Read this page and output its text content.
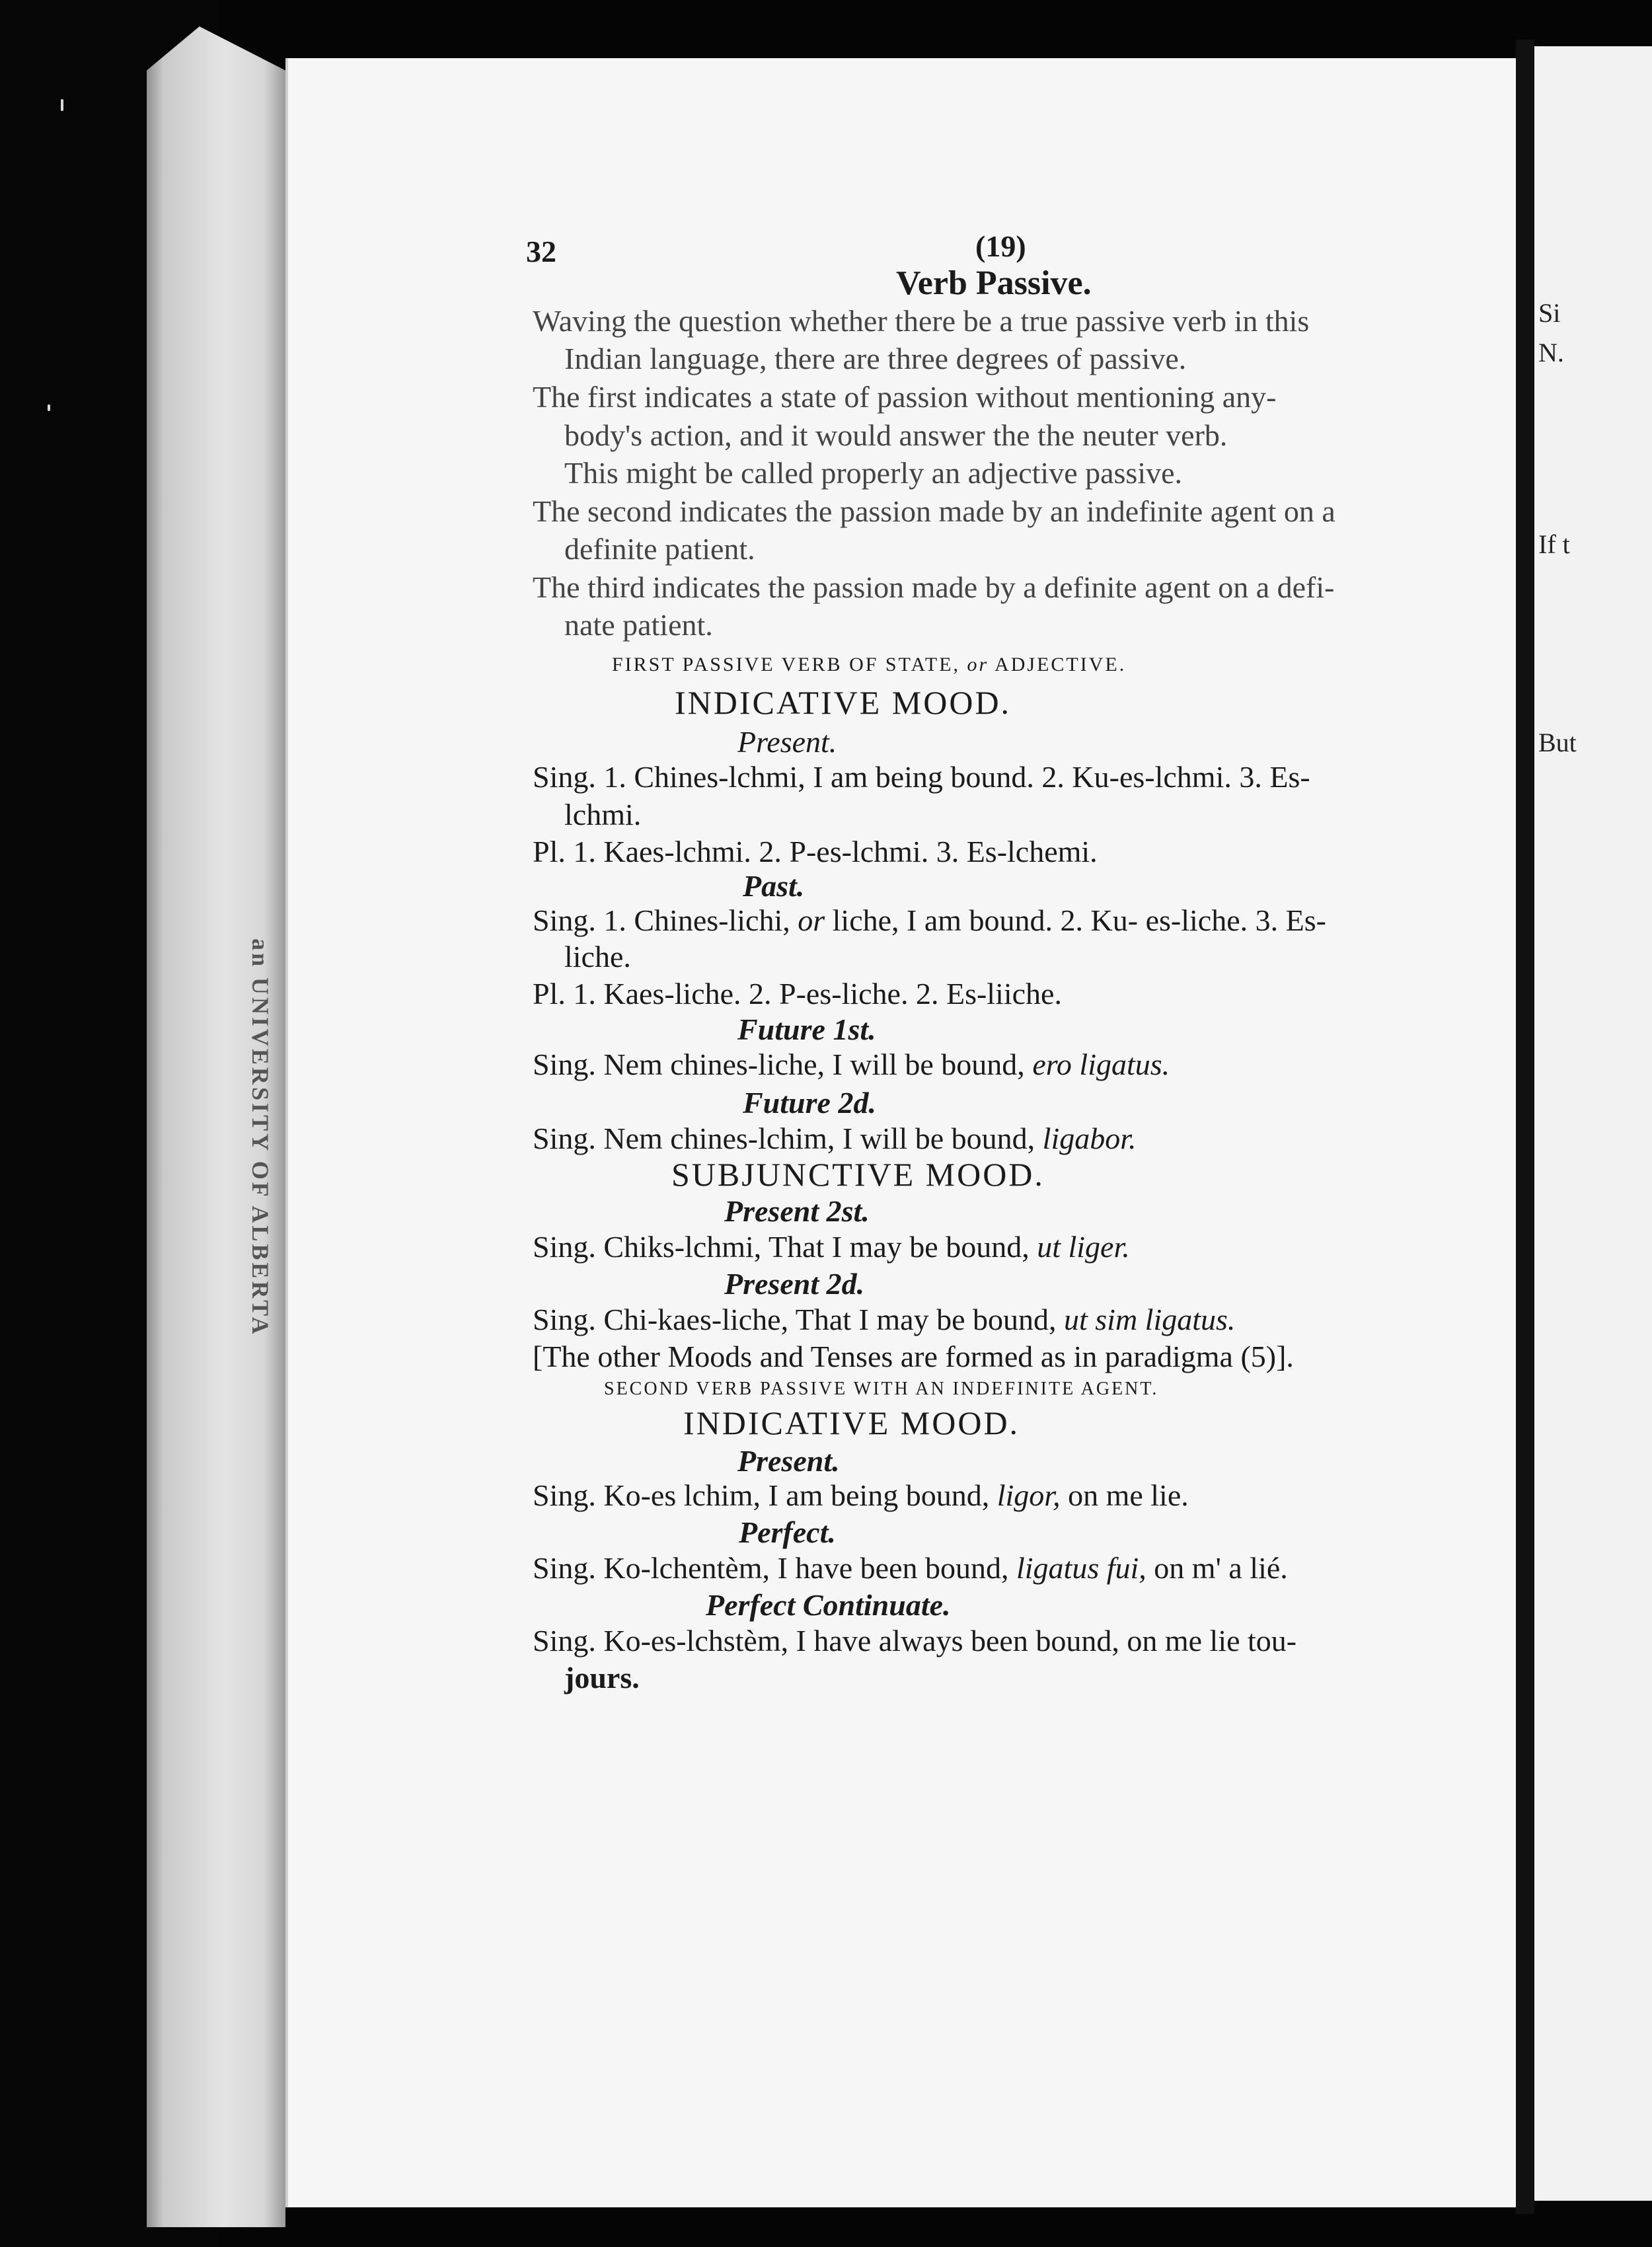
an UNIVERSITY OF ALBERTA
32	(19)
Verb Passive.
Waving the question whether there be a true passive verb in this
Indian language, there are three degrees of passive.
The first indicates a state of passion without mentioning any-
body's action, and it would answer the the neuter verb.
This might be called properly an adjective passive.
The second indicates the passion made by an indefinite agent on a
definite patient.
The third indicates the passion made by a definite agent on a defi-
nate patient.
FIRST PASSIVE VERB OF STATE, or ADJECTIVE.
INDICATIVE MOOD.
Present.
Sing. 1. Chines-lchmi, I am being bound. 2. Ku-es-lchmi. 3. Es-
lchmi.
Pl. 1. Kaes-lchmi. 2. P-es-lchmi. 3. Es-lchemi.
Past.
Sing. 1. Chines-lichi, or liche, I am bound. 2. Ku- es-liche. 3. Es-
liche.
Pl. 1. Kaes-liche. 2. P-es-liche. 2. Es-liiche.
Future 1st.
Sing. Nem chines-liche, I will be bound, ero ligatus.
Future 2d.
Sing. Nem chines-lchim, I will be bound, ligabor.
SUBJUNCTIVE MOOD.
Present 2st.
Sing. Chiks-lchmi, That I may be bound, ut liger.
Present 2d.
Sing. Chi-kaes-liche, That I may be bound, ut sim ligatus.
[The other Moods and Tenses are formed as in paradigma (5)].
SECOND VERB PASSIVE WITH AN INDEFINITE AGENT.
INDICATIVE MOOD.
Present.
Sing. Ko-es lchim, I am being bound, ligor, on me lie.
Perfect.
Sing. Ko-lchentèm, I have been bound, ligatus fui, on m' a lié.
Perfect Continuate.
Sing. Ko-es-lchstèm, I have always been bound, on me lie tou-
jours.
Si
N.
If t
But
